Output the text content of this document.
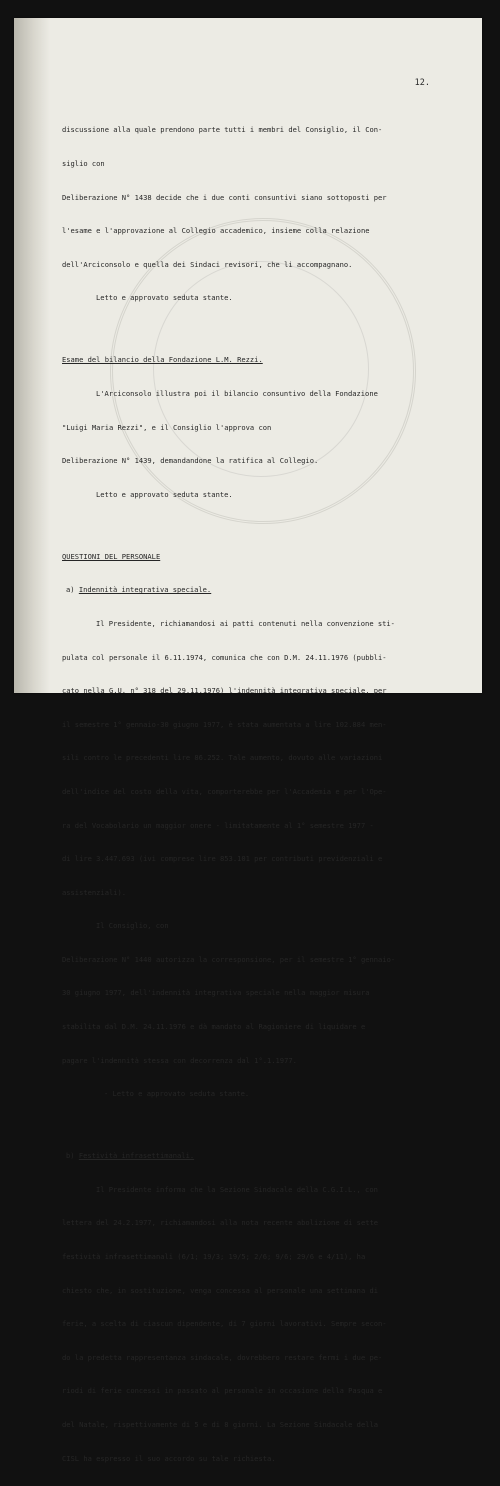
12.

discussione alla quale prendono parte tutti i membri del Consiglio, il Con-

siglio con

Deliberazione N° 1438 decide che i due conti consuntivi siano sottoposti per

l'esame e l'approvazione al Collegio accademico, insieme colla relazione

dell'Arciconsolo e quella dei Sindaci revisori, che li accompagnano.

Letto e approvato seduta stante.

Esame del bilancio della Fondazione L.M. Rezzi.

L'Arciconsolo illustra poi il bilancio consuntivo della Fondazione

"Luigi Maria Rezzi", e il Consiglio l'approva con

Deliberazione N° 1439, demandandone la ratifica al Collegio.

Letto e approvato seduta stante.

QUESTIONI DEL PERSONALE

a) Indennità integrativa speciale.

Il Presidente, richiamandosi ai patti contenuti nella convenzione sti-

pulata col personale il 6.11.1974, comunica che con D.M. 24.11.1976 (pubbli-

cato nella G.U. n° 318 del 29.11.1976) l'indennità integrativa speciale, per

il semestre 1° gennaio-30 giugno 1977, è stata aumentata a lire 102.884 men-

sili contro le precedenti lire 86.252. Tale aumento, dovuto alle variazioni

dell'indice del costo della vita, comporterebbe per l'Accademia e per l'Ope-

ra del Vocabolario un maggior onere - limitatamente al 1° semestre 1977 -

di lire 3.447.693 (ivi comprese lire 853.101 per contributi previdenziali e

assistenziali).

Il Consiglio, con

Deliberazione N° 1440 autorizza la corresponsione, per il semestre 1° gennaio-

30 giugno 1977, dell'indennità integrativa speciale nella maggior misura

stabilita dal D.M. 24.11.1976 e dà mandato al Ragioniere di liquidare e

pagare l'indennità stessa con decorrenza dal 1°.1.1977.

- Letto e approvato seduta stante.

b) Festività infrasettimanali.

Il Presidente informa che la Sezione Sindacale della C.G.I.L., con

lettera del 24.2.1977, richiamandosi alla nota recente abolizione di sette

festività infrasettimanali (6/1; 19/3; 19/5; 2/6; 9/6; 29/6 e 4/11), ha

chiesto che, in sostituzione, venga concessa al personale una settimana di

ferie, a scelta di ciascun dipendente, di 7 giorni lavorativi. Sempre secon-

do la predetta rappresentanza sindacale, dovrebbero restare fermi i due pe-

riodi di ferie concessi in passato al personale in occasione della Pasqua e

del Natale, rispettivamente di 5 e di 8 giorni. La Sezione Sindacale della

CISL ha espresso il suo accordo su tale richiesta.
